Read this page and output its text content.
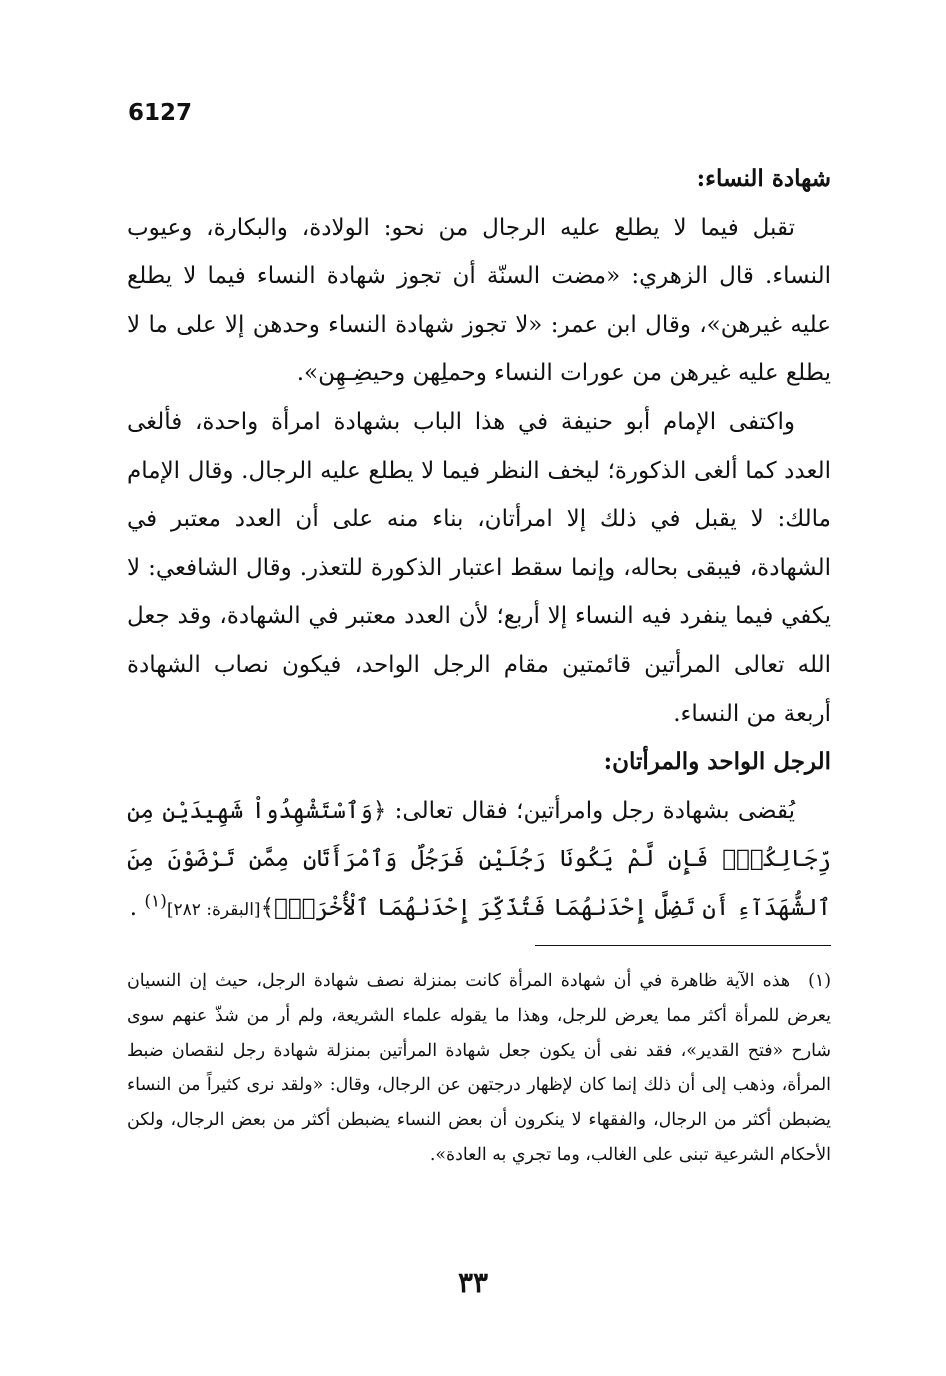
6127
شهادة النساء:

تقبل فيما لا يطلع عليه الرجال من نحو: الولادة، والبكارة، وعيوب النساء. قال الزهري: «مضت السنّة أن تجوز شهادة النساء فيما لا يطلع عليه غيرهن»، وقال ابن عمر: «لا تجوز شهادة النساء وحدهن إلا على ما لا يطلع عليه غيرهن من عورات النساء وحملِهن وحيضِـهِن».

واكتفى الإمام أبو حنيفة في هذا الباب بشهادة امرأة واحدة، فألغى العدد كما ألغى الذكورة؛ ليخف النظر فيما لا يطلع عليه الرجال. وقال الإمام مالك: لا يقبل في ذلك إلا امرأتان، بناء منه على أن العدد معتبر في الشهادة، فيبقى بحاله، وإنما سقط اعتبار الذكورة للتعذر. وقال الشافعي: لا يكفي فيما ينفرد فيه النساء إلا أربع؛ لأن العدد معتبر في الشهادة، وقد جعل الله تعالى المرأتين قائمتين مقام الرجل الواحد، فيكون نصاب الشهادة أربعة من النساء.

الرجل الواحد والمرأتان:

يُقضى بشهادة رجل وامرأتين؛ فقال تعالى: ﴿وَٱسْتَشْهِدُواْ شَهِيدَيْنِ مِن رِّجَالِكُمْۖ فَإِن لَّمْ يَكُونَا رَجُلَيْنِ فَرَجُلٌ وَٱمْرَأَتَانِ مِمَّن تَرْضَوْنَ مِنَ ٱلشُّهَدَآءِ أَن تَضِلَّ إِحْدَىٰهُمَا فَتُذَكِّرَ إِحْدَىٰهُمَا ٱلْأُخْرَىٰۚ﴾[البقرة: ٢٨٢]$^{(١)}$ .

(١)هذه الآية ظاهرة في أن شهادة المرأة كانت بمنزلة نصف شهادة الرجل، حيث إن النسيان يعرض للمرأة أكثر مما يعرض للرجل، وهذا ما يقوله علماء الشريعة، ولم أر من شذّ عنهم سوى شارح «فتح القدير»، فقد نفى أن يكون جعل شهادة المرأتين بمنزلة شهادة رجل لنقصان ضبط المرأة، وذهب إلى أن ذلك إنما كان لإظهار درجتهن عن الرجال، وقال: «ولقد نرى كثيراً من النساء يضبطن أكثر من الرجال، والفقهاء لا ينكرون أن بعض النساء يضبطن أكثر من بعض الرجال، ولكن الأحكام الشرعية تبنى على الغالب، وما تجري به العادة».
٣٣
